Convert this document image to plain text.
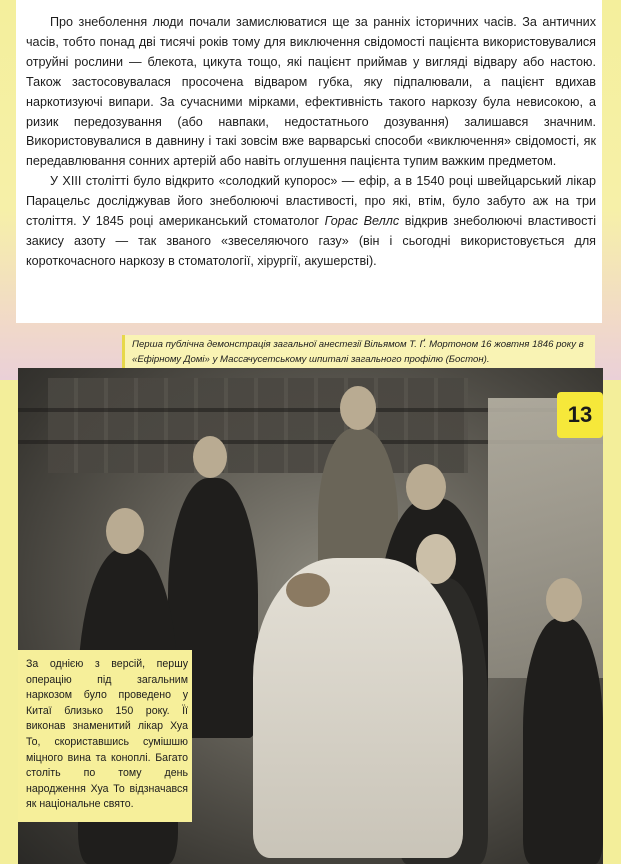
Про знеболення люди почали замислюватися ще за ранніх історичних часів. За античних часів, тобто понад дві тисячі років тому для виключення свідомості пацієнта використовувалися отруйні рослини — блекота, цикута тощо, які пацієнт приймав у вигляді відвару або настою. Також застосовувалася просочена відваром губка, яку підпалювали, а пацієнт вдихав наркотизуючі випари. За сучасними мірками, ефективність такого наркозу була невисокою, а ризик передозування (або навпаки, недостатнього дозування) залишався значним. Використовувалися в давнину і такі зовсім вже варварські способи «виключення» свідомості, як передавлювання сонних артерій або навіть оглушення пацієнта тупим важким предметом.

У XIII столітті було відкрито «солодкий купорос» — ефір, а в 1540 році швейцарський лікар Парацельс досліджував його знеболюючі властивості, про які, втім, було забуто аж на три століття. У 1845 році американський стоматолог Горас Веллс відкрив знеболюючі властивості закису азоту — так званого «звеселяючого газу» (він і сьогодні використовується для короткочасного наркозу в стоматології, хірургії, акушерстві).

Перша публічна демонстрація загальної анестезії Вільямом Т. Ґ. Мортоном 16 жовтня 1846 року в «Ефірному Домі» у Массачусетському шпиталі загального профілю (Бостон).

13

За однією з версій, першу операцію під загальним наркозом було проведено у Китаї близько 150 року. Її виконав знаменитий лікар Хуа То, скориставшись сумішшю міцного вина та коноплі. Багато століть по тому день народження Хуа То відзначався як національне свято.
